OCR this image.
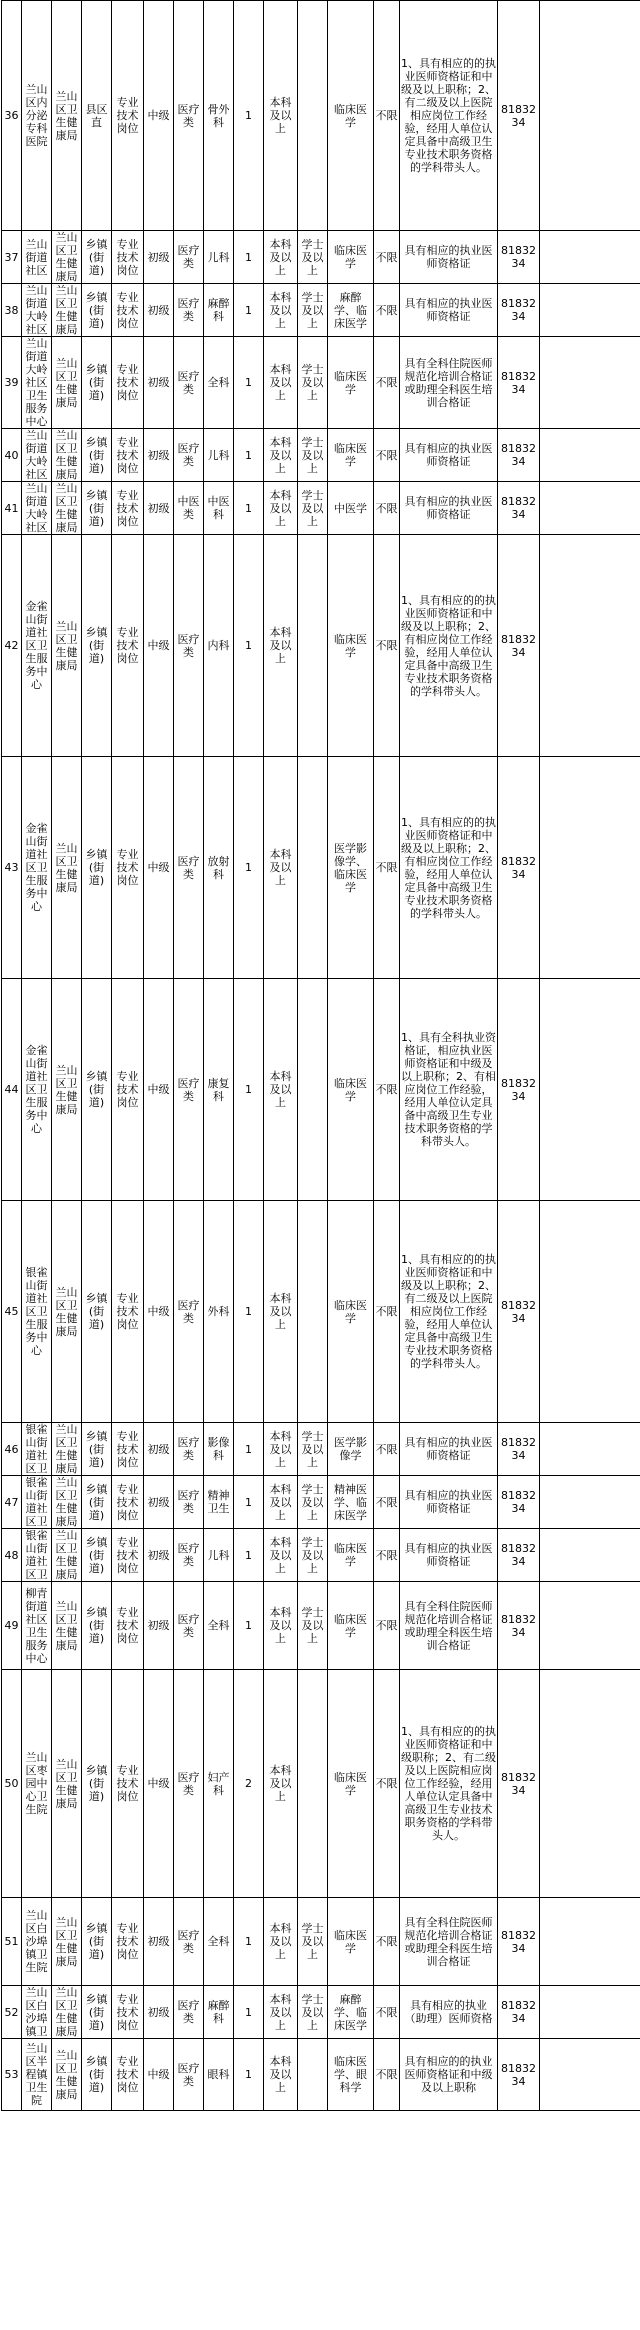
36	兰山区内分泌专科医院	兰山区卫生健康局	县区直	专业技术岗位	中级	医疗类	骨外科	1	本科及以上		临床医学	不限	1、具有相应的的执业医师资格证和中级及以上职称；2、有二级及以上医院相应岗位工作经验，经用人单位认定具备中高级卫生专业技术职务资格的学科带头人。	8183234	
37	兰山街道社区	兰山区卫生健康局	乡镇(街道)	专业技术岗位	初级	医疗类	儿科	1	本科及以上	学士及以上	临床医学	不限	具有相应的执业医师资格证	8183234	
38	兰山街道大岭社区	兰山区卫生健康局	乡镇(街道)	专业技术岗位	初级	医疗类	麻醉科	1	本科及以上	学士及以上	麻醉学、临床医学	不限	具有相应的执业医师资格证	8183234	
39	兰山街道大岭社区卫生服务中心	兰山区卫生健康局	乡镇(街道)	专业技术岗位	初级	医疗类	全科	1	本科及以上	学士及以上	临床医学	不限	具有全科住院医师规范化培训合格证或助理全科医生培训合格证	8183234	
40	兰山街道大岭社区	兰山区卫生健康局	乡镇(街道)	专业技术岗位	初级	医疗类	儿科	1	本科及以上	学士及以上	临床医学	不限	具有相应的执业医师资格证	8183234	
41	兰山街道大岭社区	兰山区卫生健康局	乡镇(街道)	专业技术岗位	初级	中医类	中医科	1	本科及以上	学士及以上	中医学	不限	具有相应的执业医师资格证	8183234	
42	金雀山街道社区卫生服务中心	兰山区卫生健康局	乡镇(街道)	专业技术岗位	中级	医疗类	内科	1	本科及以上		临床医学	不限	1、具有相应的的执业医师资格证和中级及以上职称；2、有相应岗位工作经验，经用人单位认定具备中高级卫生专业技术职务资格的学科带头人。	8183234	
43	金雀山街道社区卫生服务中心	兰山区卫生健康局	乡镇(街道)	专业技术岗位	中级	医疗类	放射科	1	本科及以上		医学影像学、临床医学	不限	1、具有相应的的执业医师资格证和中级及以上职称；2、有相应岗位工作经验，经用人单位认定具备中高级卫生专业技术职务资格的学科带头人。	8183234	
44	金雀山街道社区卫生服务中心	兰山区卫生健康局	乡镇(街道)	专业技术岗位	中级	医疗类	康复科	1	本科及以上		临床医学	不限	1、具有全科执业资格证，相应执业医师资格证和中级及以上职称；2、有相应岗位工作经验，经用人单位认定具备中高级卫生专业技术职务资格的学科带头人。	8183234	
45	银雀山街道社区卫生服务中心	兰山区卫生健康局	乡镇(街道)	专业技术岗位	中级	医疗类	外科	1	本科及以上		临床医学	不限	1、具有相应的的执业医师资格证和中级及以上职称；2、有二级及以上医院相应岗位工作经验，经用人单位认定具备中高级卫生专业技术职务资格的学科带头人。	8183234	
46	银雀山街道社区卫	兰山区卫生健康局	乡镇(街道)	专业技术岗位	初级	医疗类	影像科	1	本科及以上	学士及以上	医学影像学	不限	具有相应的执业医师资格证	8183234	
47	银雀山街道社区卫	兰山区卫生健康局	乡镇(街道)	专业技术岗位	初级	医疗类	精神卫生	1	本科及以上	学士及以上	精神医学、临床医学	不限	具有相应的执业医师资格证	8183234	
48	银雀山街道社区卫	兰山区卫生健康局	乡镇(街道)	专业技术岗位	初级	医疗类	儿科	1	本科及以上	学士及以上	临床医学	不限	具有相应的执业医师资格证	8183234	
49	柳青街道社区卫生服务中心	兰山区卫生健康局	乡镇(街道)	专业技术岗位	初级	医疗类	全科	1	本科及以上	学士及以上	临床医学	不限	具有全科住院医师规范化培训合格证或助理全科医生培训合格证	8183234	
50	兰山区枣园中心卫生院	兰山区卫生健康局	乡镇(街道)	专业技术岗位	中级	医疗类	妇产科	2	本科及以上		临床医学	不限	1、具有相应的的执业医师资格证和中级职称；2、有二级及以上医院相应岗位工作经验，经用人单位认定具备中高级卫生专业技术职务资格的学科带头人。	8183234	
51	兰山区白沙埠镇卫生院	兰山区卫生健康局	乡镇(街道)	专业技术岗位	初级	医疗类	全科	1	本科及以上	学士及以上	临床医学	不限	具有全科住院医师规范化培训合格证或助理全科医生培训合格证	8183234	
52	兰山区白沙埠镇卫	兰山区卫生健康局	乡镇(街道)	专业技术岗位	初级	医疗类	麻醉科	1	本科及以上	学士及以上	麻醉学、临床医学	不限	具有相应的执业（助理）医师资格	8183234	
53	兰山区半程镇卫生院	兰山区卫生健康局	乡镇(街道)	专业技术岗位	中级	医疗类	眼科	1	本科及以上		临床医学、眼科学	不限	具有相应的的执业医师资格证和中级及以上职称	8183234	
